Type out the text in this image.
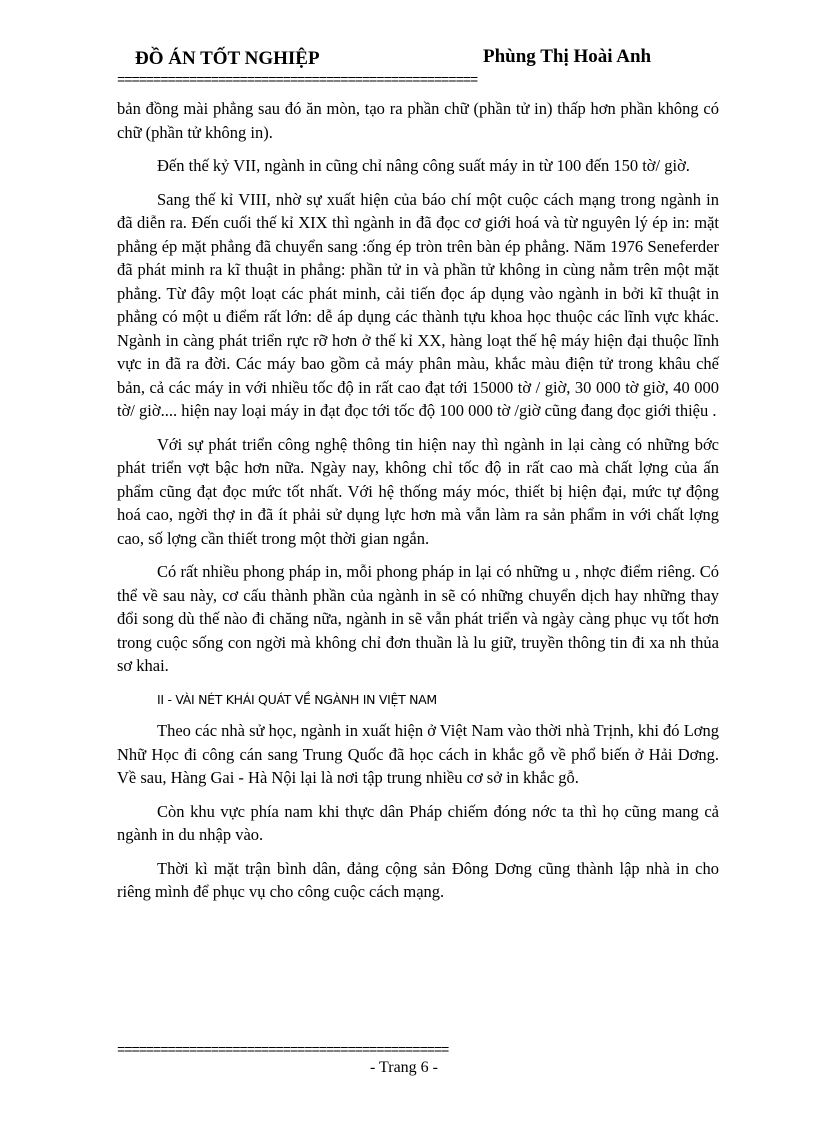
ĐỒ ÁN TỐT NGHIỆP	Phùng Thị Hoài Anh
==================================================

bản đồng mài phẳng sau đó ăn mòn, tạo ra phần chữ (phần tử in) thấp hơn phần không có chữ (phần tử không in).

Đến thế kỷ VII, ngành in cũng chỉ nâng công suất máy in từ 100 đến 150 tờ/ giờ.

Sang thế kỉ VIII, nhờ sự xuất hiện của báo chí một cuộc cách mạng trong ngành in đã diễn ra. Đến cuối thế kỉ XIX thì ngành in đã đọc cơ giới hoá và từ nguyên lý ép in: mặt phẳng ép mặt phẳng đã chuyển sang :ống ép tròn trên bàn ép phẳng. Năm 1976 Seneferder đã phát minh ra kĩ thuật in phẳng: phần tử in và phần tử không in cùng nằm trên một mặt phẳng. Từ đây một loạt các phát minh, cải tiến đọc áp dụng vào ngành in bởi kĩ thuật in phẳng có một u điểm rất lớn: dễ áp dụng các thành tựu khoa học thuộc các lĩnh vực khác. Ngành in càng phát triển rực rỡ hơn ở thế kỉ XX, hàng loạt thế hệ máy hiện đại thuộc lĩnh vực in đã ra đời. Các máy bao gồm cả máy phân màu, khắc màu điện tử trong khâu chế bản, cả các máy in với nhiều tốc độ in rất cao đạt tới 15000 tờ / giờ, 30 000 tờ giờ, 40 000 tờ/ giờ.... hiện nay loại máy in đạt đọc tới tốc độ 100 000 tờ /giờ cũng đang đọc giới thiệu .

Với sự phát triển công nghệ thông tin hiện nay thì ngành in lại càng có những bớc phát triển vợt bậc hơn nữa. Ngày nay, không chỉ tốc độ in rất cao mà chất lợng của ấn phẩm cũng đạt đọc mức tốt nhất. Với hệ thống máy móc, thiết bị hiện đại, mức tự động hoá cao, ngời thợ in đã ít phải sử dụng lực hơn mà vẫn làm ra sản phẩm in với chất lợng cao, số lợng cần thiết trong một thời gian ngắn.

Có rất nhiều phong pháp in, mỗi phong pháp in lại có những u , nhợc điểm riêng. Có thể về sau này, cơ cấu thành phần của ngành in sẽ có những chuyển dịch hay những thay đổi song dù thế nào đi chăng nữa, ngành in sẽ vẫn phát triển và ngày càng phục vụ tốt hơn trong cuộc sống con ngời mà không chỉ đơn thuần là lu giữ, truyền thông tin đi xa nh thủa sơ khai.

II - VÀI NÉT KHÁI QUÁT VỀ NGÀNH IN VIỆT NAM

Theo các nhà sử học, ngành in xuất hiện ở Việt Nam vào thời nhà Trịnh, khi đó Lơng Nhữ Học đi công cán sang Trung Quốc đã học cách in khắc gỗ về phổ biến ở Hải Dơng. Về sau, Hàng Gai - Hà Nội lại là nơi tập trung nhiều cơ sở in khắc gỗ.

Còn khu vực phía nam khi thực dân Pháp chiếm đóng nớc ta thì họ cũng mang cả ngành in du nhập vào.

Thời kì mặt trận bình dân, đảng cộng sản Đông Dơng cũng thành lập nhà in cho riêng mình để phục vụ cho công cuộc cách mạng.

==============================================
- Trang 6 -
